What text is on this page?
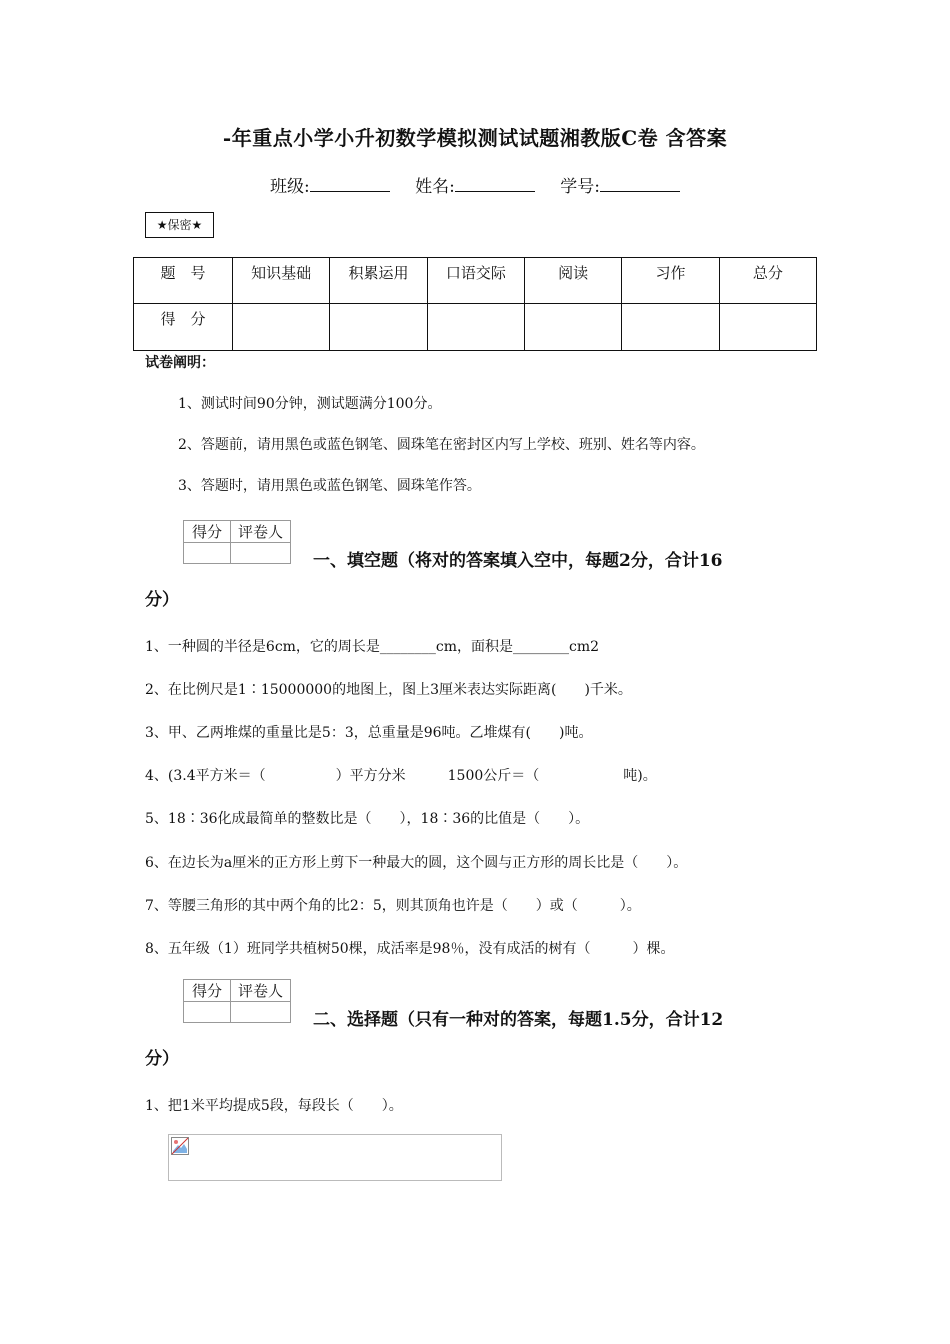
-年重点小学小升初数学模拟测试试题湘教版C卷 含答案
班级:	姓名:	学号:
★保密★
题　号	知识基础	积累运用	口语交际	阅读	习作	总分
得　分						
试卷阐明：
1、测试时间90分钟，测试题满分100分。
2、答题前，请用黑色或蓝色钢笔、圆珠笔在密封区内写上学校、班别、姓名等内容。
3、答题时，请用黑色或蓝色钢笔、圆珠笔作答。
得分	评卷人

一、填空题（将对的答案填入空中，每题2分，合计16
分）
1、一种圆的半径是6cm，它的周长是________cm，面积是________cm2
2、在比例尺是1∶15000000的地图上，图上3厘米表达实际距离(　　)千米。
3、甲、乙两堆煤的重量比是5：3，总重量是96吨。乙堆煤有(　　)吨。
4、(3.4平方米＝（　　　　　）平方分米　　　1500公斤＝（　　　　　　吨)。
5、18∶36化成最简单的整数比是（　　），18∶36的比值是（　　）。
6、在边长为a厘米的正方形上剪下一种最大的圆，这个圆与正方形的周长比是（　　）。
7、等腰三角形的其中两个角的比2：5，则其顶角也许是（　　）或（　　　）。
8、五年级（1）班同学共植树50棵，成活率是98％，没有成活的树有（　　　）棵。
得分	评卷人

二、选择题（只有一种对的答案，每题1.5分，合计12
分）
1、把1米平均提成5段，每段长（　　）。
